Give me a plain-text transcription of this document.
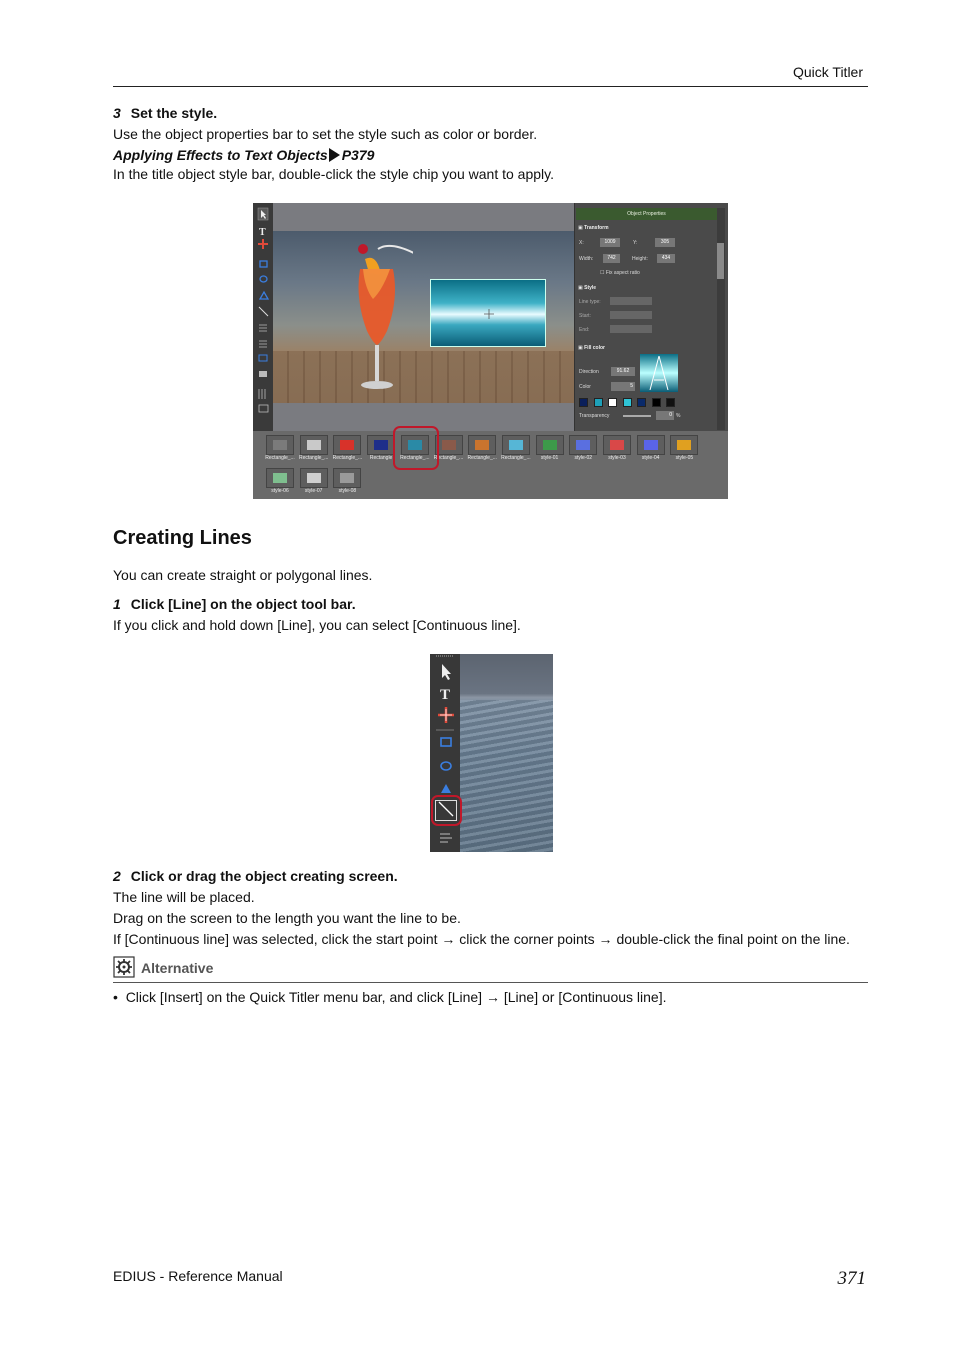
Quick Titler
3 Set the style.
Use the object properties bar to set the style such as color or border.
Applying Effects to Text Objects P379
In the title object style bar, double-click the style chip you want to apply.
T
Object Properties
▣ Transform
X:	1009	Y:	305
Width:	742	Height:	434
☐ Fix aspect ratio
▣ Style
Line type:
Start:
End:
▣ Fill color
Direction	91.62
Color	5
Transparency	0 %
Rectangle_... Rectangle_... Rectangle_...	Rectangle	Rectangle_... Rectangle_... Rectangle_... Rectangle_...	style-01	style-02	style-03	style-04	style-05
style-06	style-07	style-08
Creating Lines
You can create straight or polygonal lines.
1 Click [Line] on the object tool bar.
If you click and hold down [Line], you can select [Continuous line].
T
2 Click or drag the object creating screen.
The line will be placed.
Drag on the screen to the length you want the line to be.
If [Continuous line] was selected, click the start point → click the corner points → double-click the final point on the line.
Alternative
• Click [Insert] on the Quick Titler menu bar, and click [Line] → [Line] or [Continuous line].
EDIUS - Reference Manual	371
